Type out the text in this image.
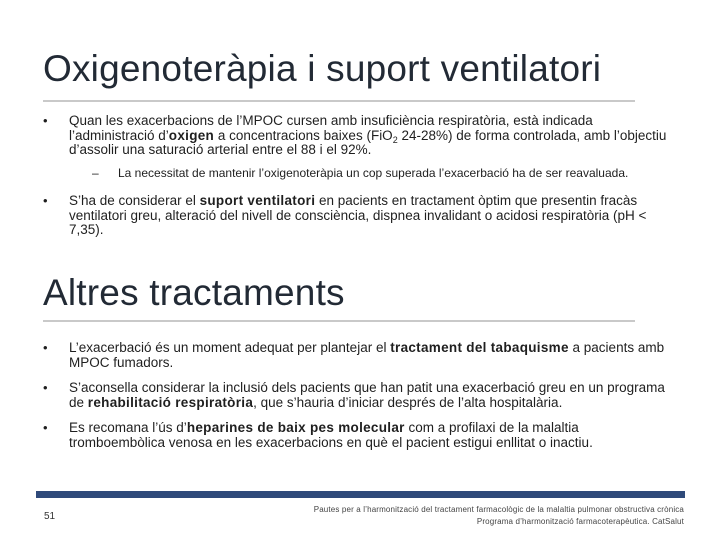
Oxigenoteràpia i suport ventilatori
• Quan les exacerbacions de l’MPOC cursen amb insuficiència respiratòria, està indicada l’administració d’oxigen a concentracions baixes (FiO$_2$ 24-28%) de forma controlada, amb l’objectiu d’assolir una saturació arterial entre el 88 i el 92%.
– La necessitat de mantenir l’oxigenoteràpia un cop superada l’exacerbació ha de ser reavaluada.
• S’ha de considerar el suport ventilatori en pacients en tractament òptim que presentin fracàs ventilatori greu, alteració del nivell de consciència, dispnea invalidant o acidosi respiratòria (pH < 7,35).
Altres tractaments
• L’exacerbació és un moment adequat per plantejar el tractament del tabaquisme a pacients amb MPOC fumadors.
• S’aconsella considerar la inclusió dels pacients que han patit una exacerbació greu en un programa de rehabilitació respiratòria, que s’hauria d’iniciar després de l’alta hospitalària.
• Es recomana l’ús d’heparines de baix pes molecular com a profilaxi de la malaltia tromboembòlica venosa en les exacerbacions en què el pacient estigui enllitat o inactiu.
51
Pautes per a l’harmonització del tractament farmacològic de la malaltia pulmonar obstructiva crònica
Programa d’harmonització farmacoterapèutica. CatSalut
